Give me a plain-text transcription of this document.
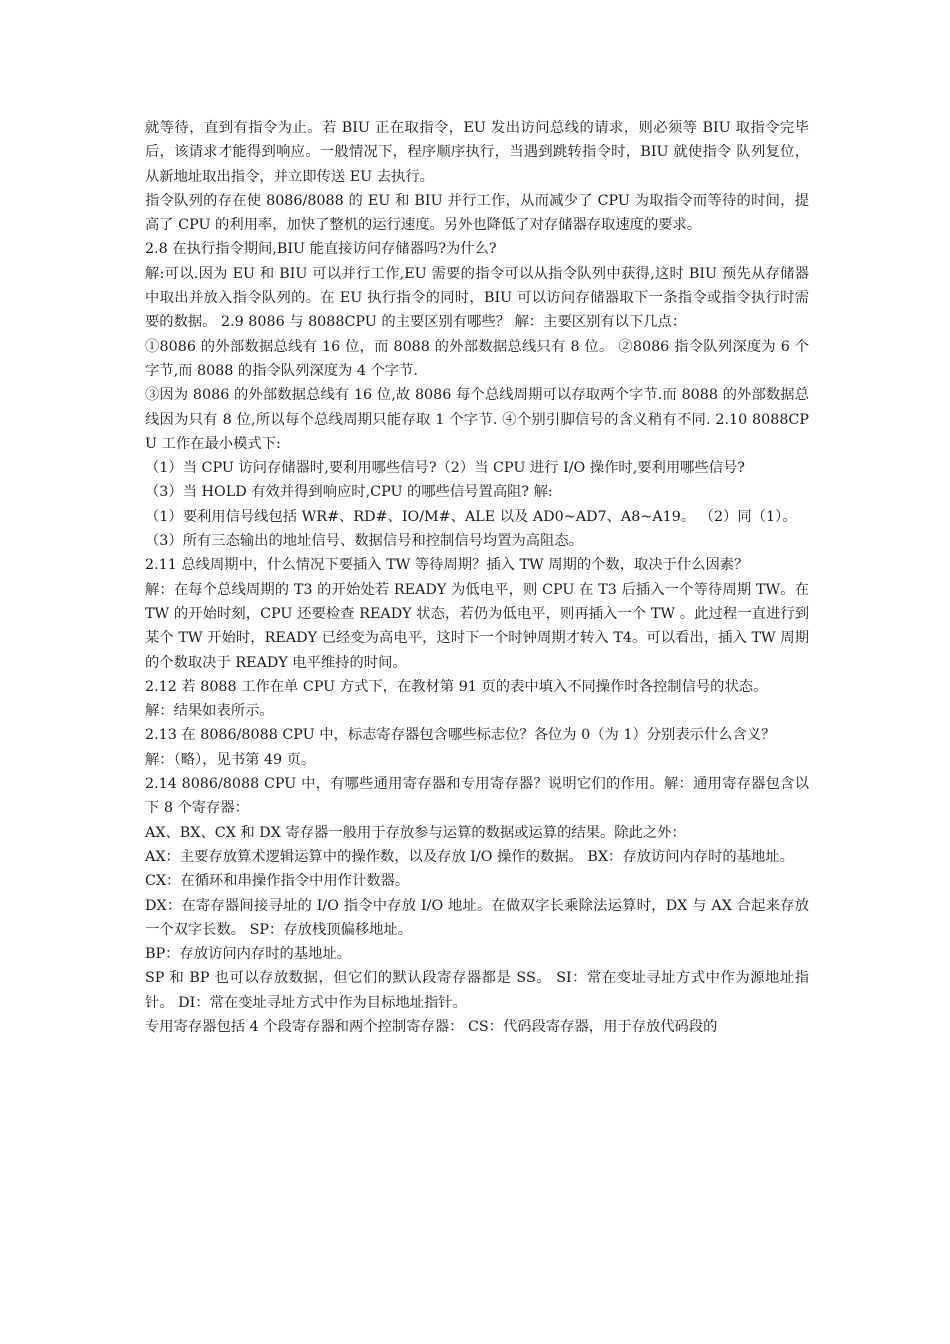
就等待，直到有指令为止。若 BIU 正在取指令，EU 发出访问总线的请求，则必须等 BIU 取指令完毕后，该请求才能得到响应。一般情况下，程序顺序执行，当遇到跳转指令时，BIU 就使指令 队列复位，从新地址取出指令，并立即传送 EU 去执行。

指令队列的存在使 8086/8088 的 EU 和 BIU 并行工作，从而减少了 CPU 为取指令而等待的时间，提高了 CPU 的利用率，加快了整机的运行速度。另外也降低了对存储器存取速度的要求。

2.8 在执行指令期间,BIU 能直接访问存储器吗?为什么?

解:可以.因为 EU 和 BIU 可以并行工作,EU 需要的指令可以从指令队列中获得,这时 BIU 预先从存储器中取出并放入指令队列的。在 EU 执行指令的同时，BIU 可以访问存储器取下一条指令或指令执行时需要的数据。 2.9 8086 与 8088CPU 的主要区别有哪些？ 解：主要区别有以下几点：

①8086 的外部数据总线有 16 位，而 8088 的外部数据总线只有 8 位。 ②8086 指令队列深度为 6 个字节,而 8088 的指令队列深度为 4 个字节.

③因为 8086 的外部数据总线有 16 位,故 8086 每个总线周期可以存取两个字节.而 8088 的外部数据总线因为只有 8 位,所以每个总线周期只能存取 1 个字节. ④个别引脚信号的含义稍有不同. 2.10 8088CPU 工作在最小模式下:

（1）当 CPU 访问存储器时,要利用哪些信号?（2）当 CPU 进行 I/O 操作时,要利用哪些信号?

（3）当 HOLD 有效并得到响应时,CPU 的哪些信号置高阻? 解:

（1）要利用信号线包括 WR#、RD#、IO/M#、ALE 以及 AD0~AD7、A8~A19。 （2）同（1）。

（3）所有三态输出的地址信号、数据信号和控制信号均置为高阻态。

2.11 总线周期中，什么情况下要插入 TW 等待周期？插入 TW 周期的个数，取决于什么因素？

解：在每个总线周期的 T3 的开始处若 READY 为低电平，则 CPU 在 T3 后插入一个等待周期 TW。在 TW 的开始时刻，CPU 还要检查 READY 状态，若仍为低电平，则再插入一个 TW 。此过程一直进行到某个 TW 开始时，READY 已经变为高电平，这时下一个时钟周期才转入 T4。可以看出，插入 TW 周期的个数取决于 READY 电平维持的时间。

2.12 若 8088 工作在单 CPU 方式下，在教材第 91 页的表中填入不同操作时各控制信号的状态。

解：结果如表所示。

2.13 在 8086/8088 CPU 中，标志寄存器包含哪些标志位？各位为 0（为 1）分别表示什么含义？

解：（略），见书第 49 页。

2.14 8086/8088 CPU 中，有哪些通用寄存器和专用寄存器？说明它们的作用。解：通用寄存器包含以下 8 个寄存器：

AX、BX、CX 和 DX 寄存器一般用于存放参与运算的数据或运算的结果。除此之外：

AX：主要存放算术逻辑运算中的操作数，以及存放 I/O 操作的数据。 BX：存放访问内存时的基地址。

CX：在循环和串操作指令中用作计数器。

DX：在寄存器间接寻址的 I/O 指令中存放 I/O 地址。在做双字长乘除法运算时，DX 与 AX 合起来存放一个双字长数。 SP：存放栈顶偏移地址。

BP：存放访问内存时的基地址。

SP 和 BP 也可以存放数据，但它们的默认段寄存器都是 SS。 SI：常在变址寻址方式中作为源地址指针。 DI：常在变址寻址方式中作为目标地址指针。

专用寄存器包括 4 个段寄存器和两个控制寄存器： CS：代码段寄存器，用于存放代码段的
